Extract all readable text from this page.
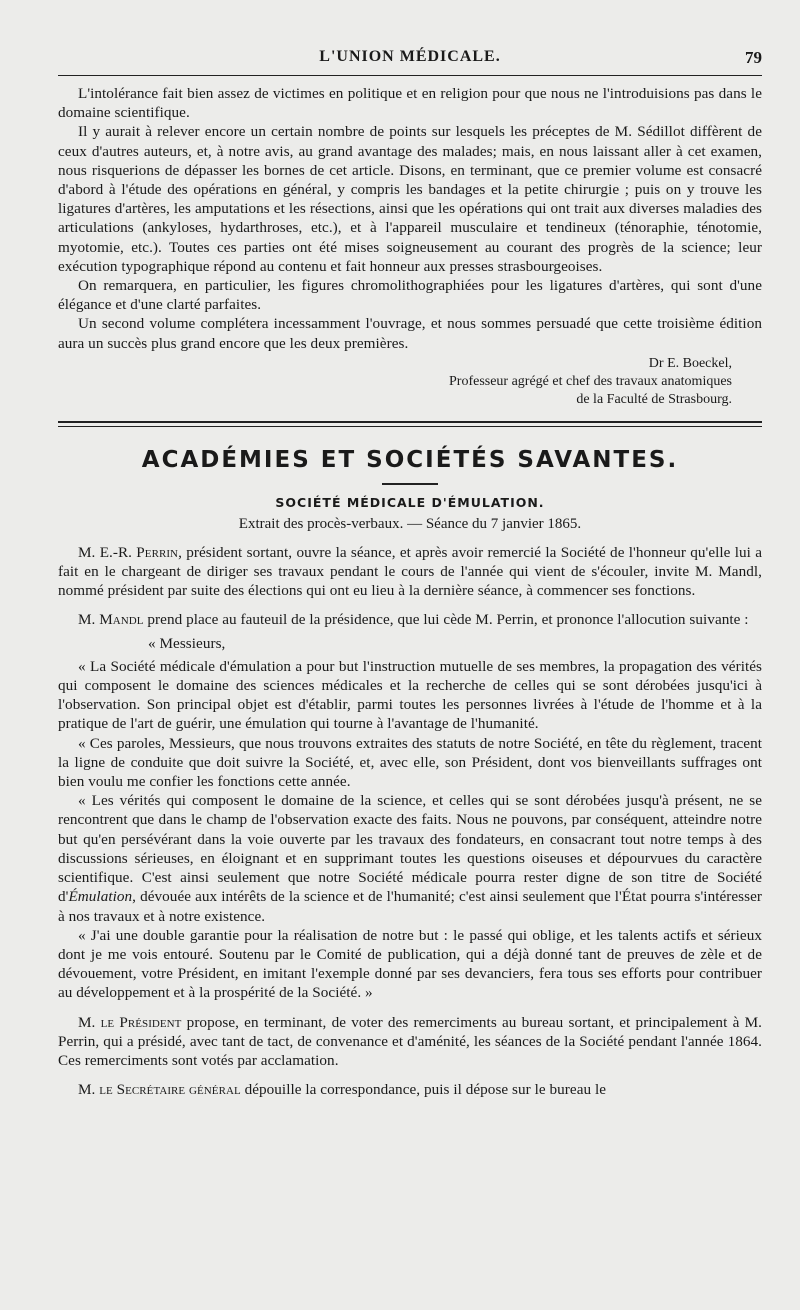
L'UNION MÉDICALE.	79

L'intolérance fait bien assez de victimes en politique et en religion pour que nous ne l'introduisions pas dans le domaine scientifique.

Il y aurait à relever encore un certain nombre de points sur lesquels les préceptes de M. Sédillot diffèrent de ceux d'autres auteurs, et, à notre avis, au grand avantage des malades; mais, en nous laissant aller à cet examen, nous risquerions de dépasser les bornes de cet article. Disons, en terminant, que ce premier volume est consacré d'abord à l'étude des opérations en général, y compris les bandages et la petite chirurgie ; puis on y trouve les ligatures d'artères, les amputations et les résections, ainsi que les opérations qui ont trait aux diverses maladies des articulations (ankyloses, hydarthroses, etc.), et à l'appareil musculaire et tendineux (ténoraphie, ténotomie, myotomie, etc.). Toutes ces parties ont été mises soigneusement au courant des progrès de la science; leur exécution typographique répond au contenu et fait honneur aux presses strasbourgeoises.

On remarquera, en particulier, les figures chromolithographiées pour les ligatures d'artères, qui sont d'une élégance et d'une clarté parfaites.

Un second volume complétera incessamment l'ouvrage, et nous sommes persuadé que cette troisième édition aura un succès plus grand encore que les deux premières.

Dr E. Boeckel,
Professeur agrégé et chef des travaux anatomiques
de la Faculté de Strasbourg.
ACADÉMIES ET SOCIÉTÉS SAVANTES.
SOCIÉTÉ MÉDICALE D'ÉMULATION.
Extrait des procès-verbaux. — Séance du 7 janvier 1865.

M. E.-R. Perrin, président sortant, ouvre la séance, et après avoir remercié la Société de l'honneur qu'elle lui a fait en le chargeant de diriger ses travaux pendant le cours de l'année qui vient de s'écouler, invite M. Mandl, nommé président par suite des élections qui ont eu lieu à la dernière séance, à commencer ses fonctions.

M. Mandl prend place au fauteuil de la présidence, que lui cède M. Perrin, et prononce l'allocution suivante :

« Messieurs,

« La Société médicale d'émulation a pour but l'instruction mutuelle de ses membres, la propagation des vérités qui composent le domaine des sciences médicales et la recherche de celles qui se sont dérobées jusqu'ici à l'observation. Son principal objet est d'établir, parmi toutes les personnes livrées à l'étude de l'homme et à la pratique de l'art de guérir, une émulation qui tourne à l'avantage de l'humanité.

« Ces paroles, Messieurs, que nous trouvons extraites des statuts de notre Société, en tête du règlement, tracent la ligne de conduite que doit suivre la Société, et, avec elle, son Président, dont vos bienveillants suffrages ont bien voulu me confier les fonctions cette année.

« Les vérités qui composent le domaine de la science, et celles qui se sont dérobées jusqu'à présent, ne se rencontrent que dans le champ de l'observation exacte des faits. Nous ne pouvons, par conséquent, atteindre notre but qu'en persévérant dans la voie ouverte par les travaux des fondateurs, en consacrant tout notre temps à des discussions sérieuses, en éloignant et en supprimant toutes les questions oiseuses et dépourvues du caractère scientifique. C'est ainsi seulement que notre Société médicale pourra rester digne de son titre de Société d'Émulation, dévouée aux intérêts de la science et de l'humanité; c'est ainsi seulement que l'État pourra s'intéresser à nos travaux et à notre existence.

« J'ai une double garantie pour la réalisation de notre but : le passé qui oblige, et les talents actifs et sérieux dont je me vois entouré. Soutenu par le Comité de publication, qui a déjà donné tant de preuves de zèle et de dévouement, votre Président, en imitant l'exemple donné par ses devanciers, fera tous ses efforts pour contribuer au développement et à la prospérité de la Société. »

M. le Président propose, en terminant, de voter des remerciments au bureau sortant, et principalement à M. Perrin, qui a présidé, avec tant de tact, de convenance et d'aménité, les séances de la Société pendant l'année 1864. Ces remerciments sont votés par acclamation.

M. le Secrétaire général dépouille la correspondance, puis il dépose sur le bureau le
